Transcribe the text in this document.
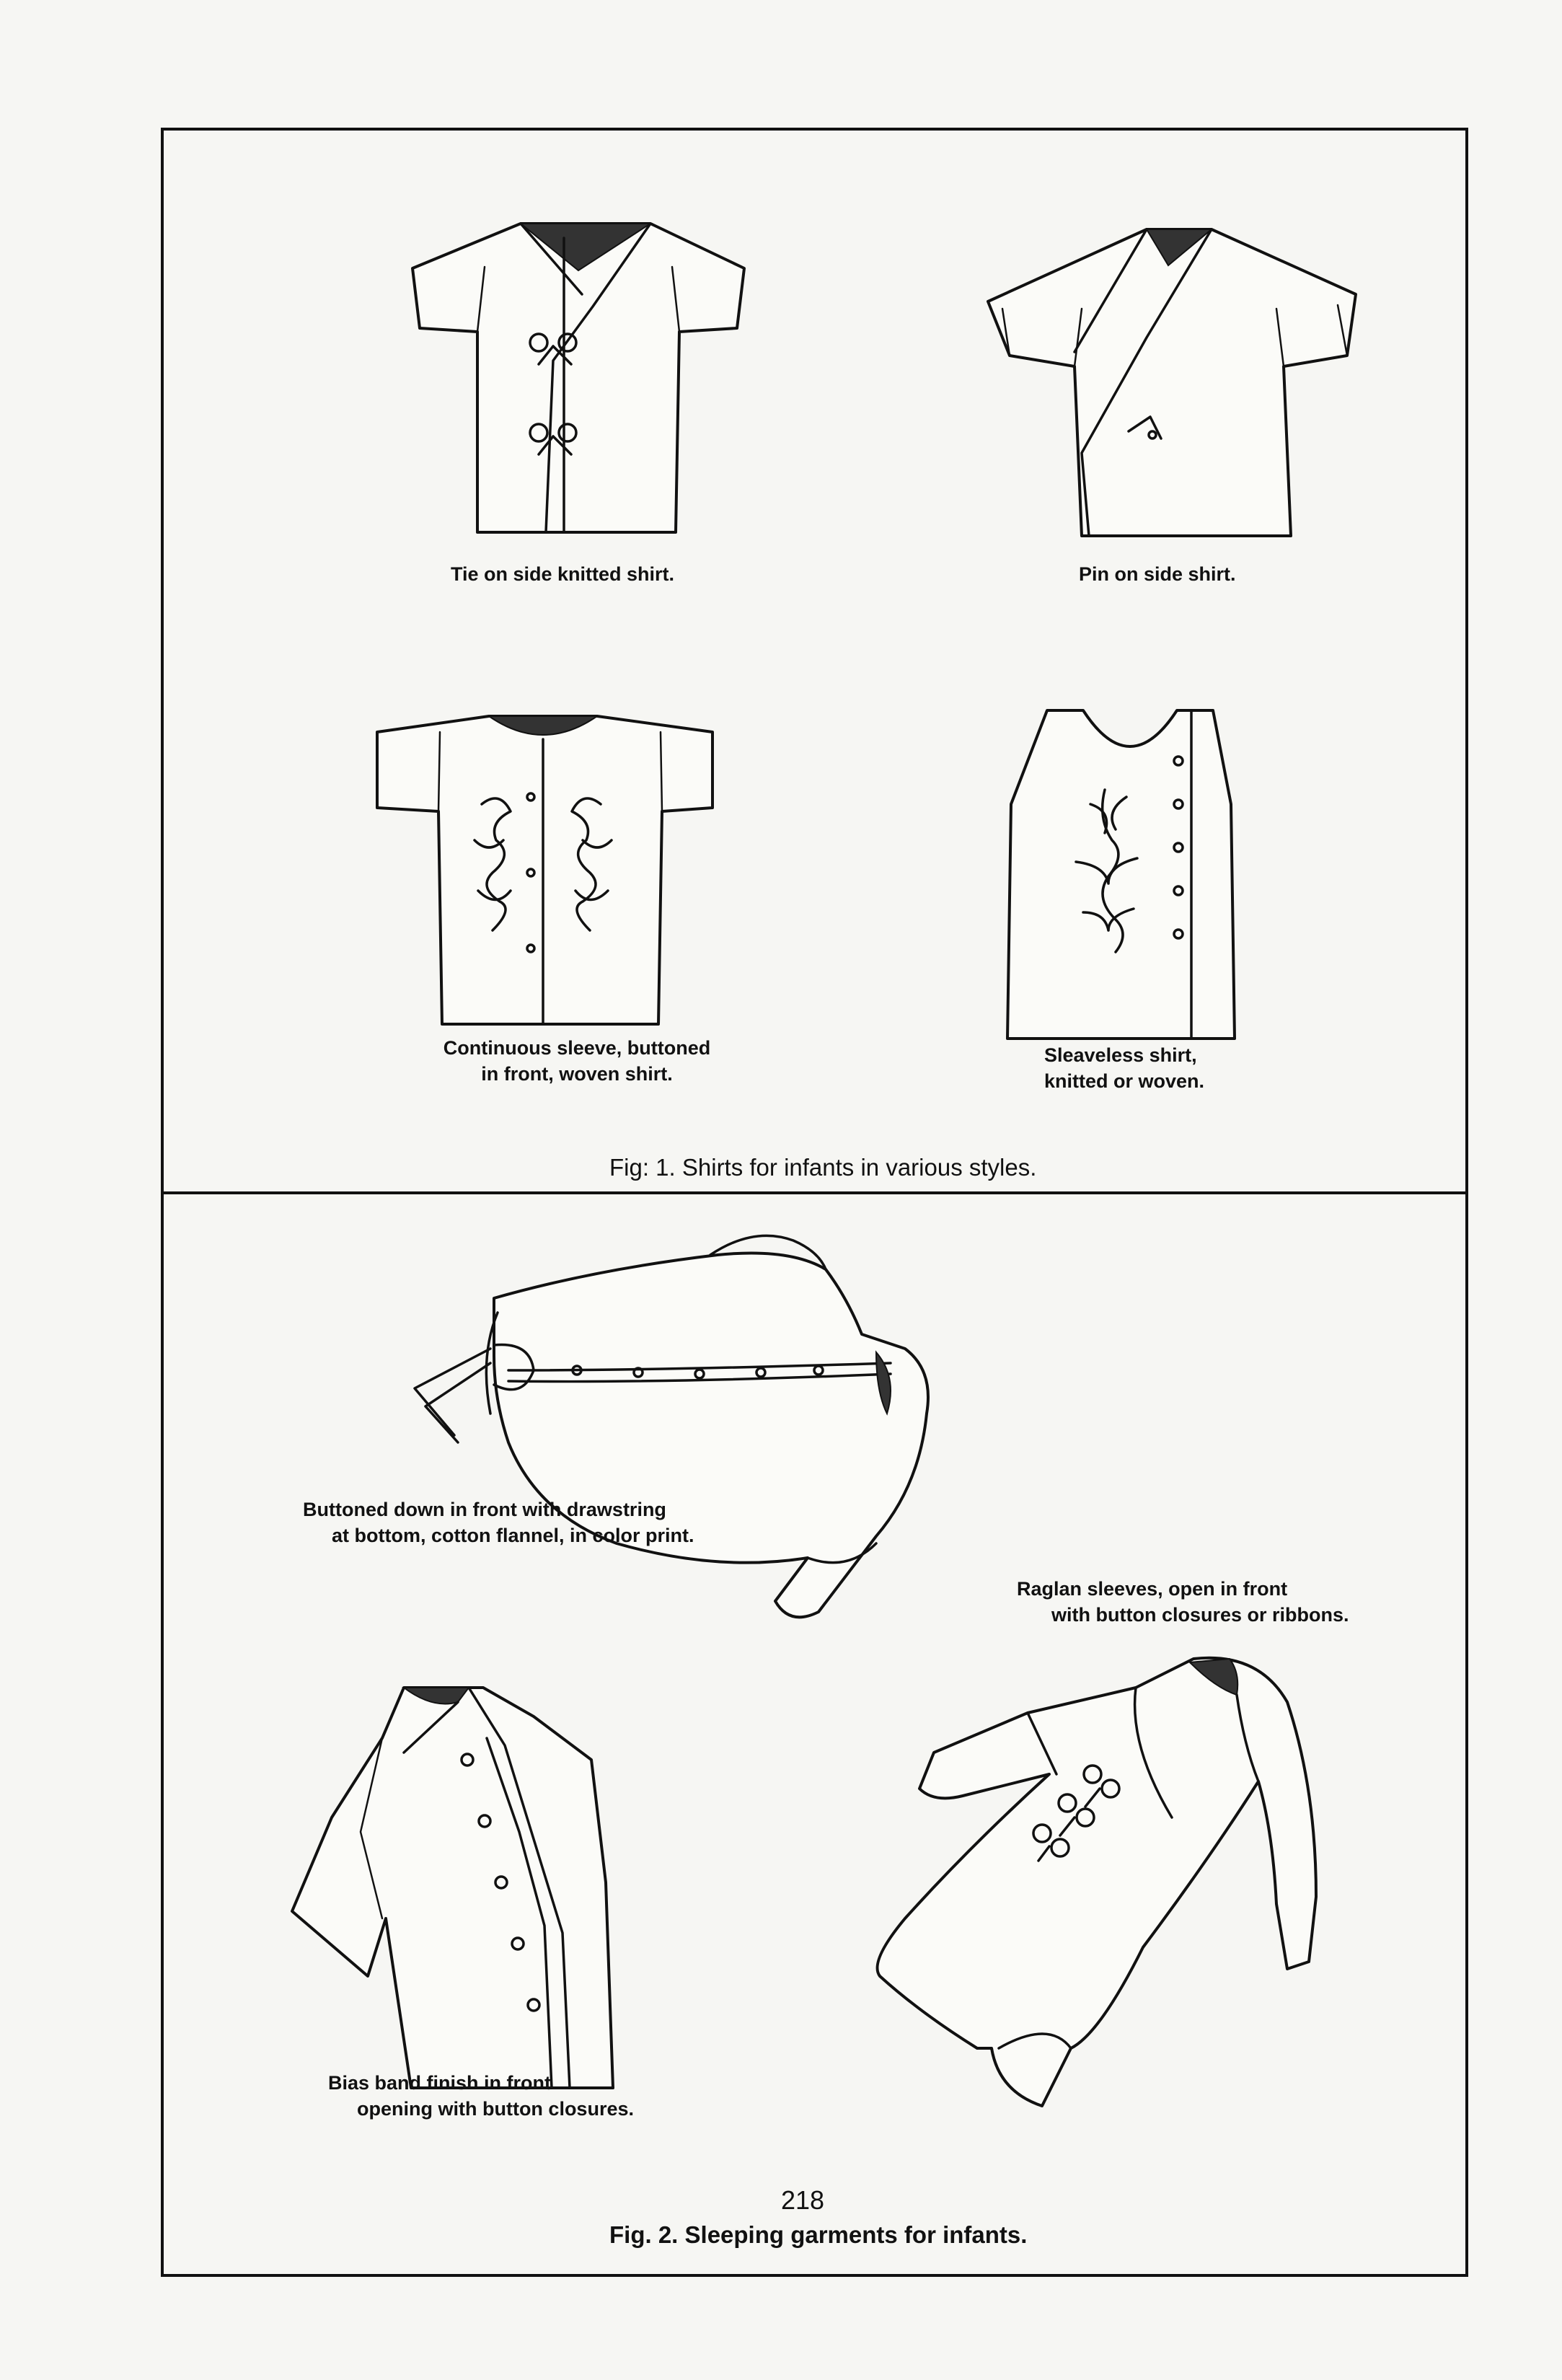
Tie on side knitted shirt.	Pin on side shirt.

Continuous sleeve, buttoned
in front, woven shirt.

Sleaveless shirt,
knitted or woven.

Fig: 1. Shirts for infants in various styles.

Buttoned down in front with drawstring
at bottom, cotton flannel, in color print.

Bias band finish in front
opening with button closures.

Raglan sleeves, open in front
with button closures or ribbons.

Fig. 2. Sleeping garments for infants.

218
